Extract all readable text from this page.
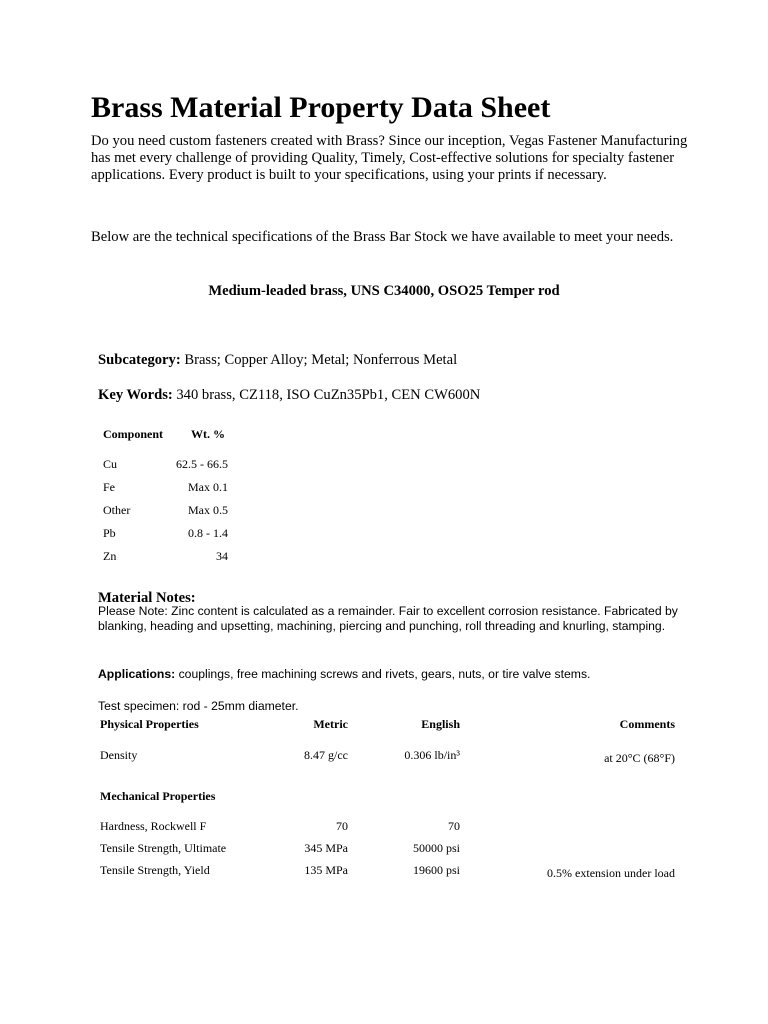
Brass Material Property Data Sheet

Do you need custom fasteners created with Brass? Since our inception, Vegas Fastener Manufacturing has met every challenge of providing Quality, Timely, Cost-effective solutions for specialty fastener applications. Every product is built to your specifications, using your prints if necessary.

Below are the technical specifications of the Brass Bar Stock we have available to meet your needs.

Medium-leaded brass, UNS C34000, OSO25 Temper rod

Subcategory: Brass; Copper Alloy; Metal; Nonferrous Metal

Key Words: 340 brass, CZ118, ISO CuZn35Pb1, CEN CW600N

Component Wt. %
Cu	62.5 - 66.5
Fe	Max 0.1
Other	Max 0.5
Pb	0.8 - 1.4
Zn	34

Material Notes:

Please Note: Zinc content is calculated as a remainder. Fair to excellent corrosion resistance. Fabricated by blanking, heading and upsetting, machining, piercing and punching, roll threading and knurling, stamping.

Applications: couplings, free machining screws and rivets, gears, nuts, or tire valve stems.

Test specimen: rod - 25mm diameter.

Physical Properties	Metric	English	Comments
Density	8.47 g/cc	0.306 lb/in³	at 20°C (68°F)
Mechanical Properties
Hardness, Rockwell F	70	70
Tensile Strength, Ultimate	345 MPa	50000 psi
Tensile Strength, Yield	135 MPa	19600 psi	0.5% extension under load
